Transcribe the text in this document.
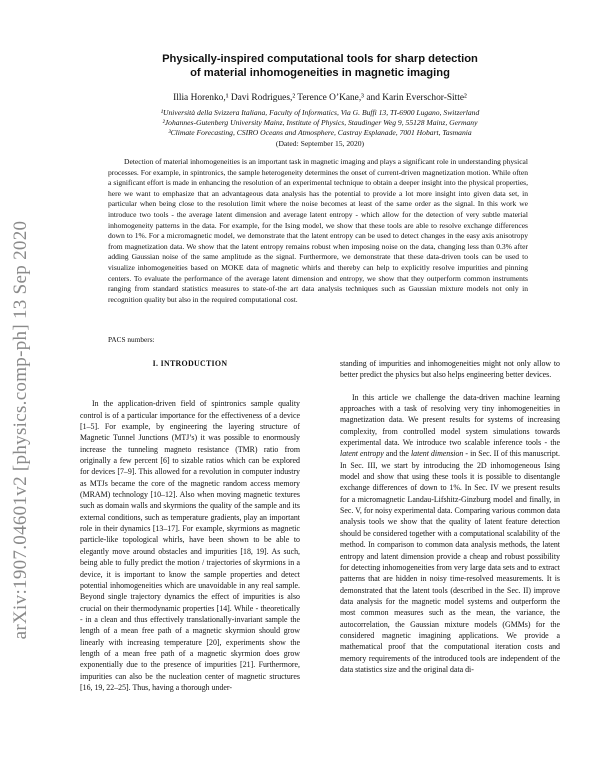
arXiv:1907.04601v2 [physics.comp-ph] 13 Sep 2020
Physically-inspired computational tools for sharp detection
of material inhomogeneities in magnetic imaging
Illia Horenko,¹ Davi Rodrigues,² Terence O’Kane,³ and Karin Everschor-Sitte²
¹Università della Svizzera Italiana, Faculty of Informatics, Via G. Buffi 13, TI-6900 Lugano, Switzerland
²Johannes-Gutenberg University Mainz, Institute of Physics, Staudinger Weg 9, 55128 Mainz, Germany
³Climate Forecasting, CSIRO Oceans and Atmosphere, Castray Esplanade, 7001 Hobart, Tasmania
(Dated: September 15, 2020)

Detection of material inhomogeneities is an important task in magnetic imaging and plays a significant role in understanding physical processes. For example, in spintronics, the sample heterogeneity determines the onset of current-driven magnetization motion. While often a significant effort is made in enhancing the resolution of an experimental technique to obtain a deeper insight into the physical properties, here we want to emphasize that an advantageous data analysis has the potential to provide a lot more insight into given data set, in particular when being close to the resolution limit where the noise becomes at least of the same order as the signal. In this work we introduce two tools - the average latent dimension and average latent entropy - which allow for the detection of very subtle material inhomogeneity patterns in the data. For example, for the Ising model, we show that these tools are able to resolve exchange differences down to 1%. For a micromagnetic model, we demonstrate that the latent entropy can be used to detect changes in the easy axis anisotropy from magnetization data. We show that the latent entropy remains robust when imposing noise on the data, changing less than 0.3% after adding Gaussian noise of the same amplitude as the signal. Furthermore, we demonstrate that these data-driven tools can be used to visualize inhomogeneities based on MOKE data of magnetic whirls and thereby can help to explicitly resolve impurities and pinning centers. To evaluate the performance of the average latent dimension and entropy, we show that they outperform common instruments ranging from standard statistics measures to state-of-the art data analysis techniques such as Gaussian mixture models not only in recognition quality but also in the required computational cost.

PACS numbers:
I. INTRODUCTION

In the application-driven field of spintronics sample quality control is of a particular importance for the effectiveness of a device [1–5]. For example, by engineering the layering structure of Magnetic Tunnel Junctions (MTJ’s) it was possible to enormously increase the tunneling magneto resistance (TMR) ratio from originally a few percent [6] to sizable ratios which can be explored for devices [7–9]. This allowed for a revolution in computer industry as MTJs became the core of the magnetic random access memory (MRAM) technology [10–12]. Also when moving magnetic textures such as domain walls and skyrmions the quality of the sample and its external conditions, such as temperature gradients, play an important role in their dynamics [13–17]. For example, skyrmions as magnetic particle-like topological whirls, have been shown to be able to elegantly move around obstacles and impurities [18, 19]. As such, being able to fully predict the motion / trajectories of skyrmions in a device, it is important to know the sample properties and detect potential inhomogeneities which are unavoidable in any real sample. Beyond single trajectory dynamics the effect of impurities is also crucial on their thermodynamic properties [14]. While - theoretically - in a clean and thus effectively translationally-invariant sample the length of a mean free path of a magnetic skyrmion should grow linearly with increasing temperature [20], experiments show the length of a mean free path of a magnetic skyrmion does grow exponentially due to the presence of impurities [21]. Furthermore, impurities can also be the nucleation center of magnetic structures [16, 19, 22–25]. Thus, having a thorough under-

standing of impurities and inhomogeneities might not only allow to better predict the physics but also helps engineering better devices.

In this article we challenge the data-driven machine learning approaches with a task of resolving very tiny inhomogeneities in magnetization data. We present results for systems of increasing complexity, from controlled model system simulations towards experimental data. We introduce two scalable inference tools - the latent entropy and the latent dimension - in Sec. II of this manuscript. In Sec. III, we start by introducing the 2D inhomogeneous Ising model and show that using these tools it is possible to disentangle exchange differences of down to 1%. In Sec. IV we present results for a micromagnetic Landau-Lifshitz-Ginzburg model and finally, in Sec. V, for noisy experimental data. Comparing various common data analysis tools we show that the quality of latent feature detection should be considered together with a computational scalability of the method. In comparison to common data analysis methods, the latent entropy and latent dimension provide a cheap and robust possibility for detecting inhomogeneities from very large data sets and to extract patterns that are hidden in noisy time-resolved measurements. It is demonstrated that the latent tools (described in the Sec. II) improve data analysis for the magnetic model systems and outperform the most common measures such as the mean, the variance, the autocorrelation, the Gaussian mixture models (GMMs) for the considered magnetic imagining applications. We provide a mathematical proof that the computational iteration costs and memory requirements of the introduced tools are independent of the data statistics size and the original data di-
